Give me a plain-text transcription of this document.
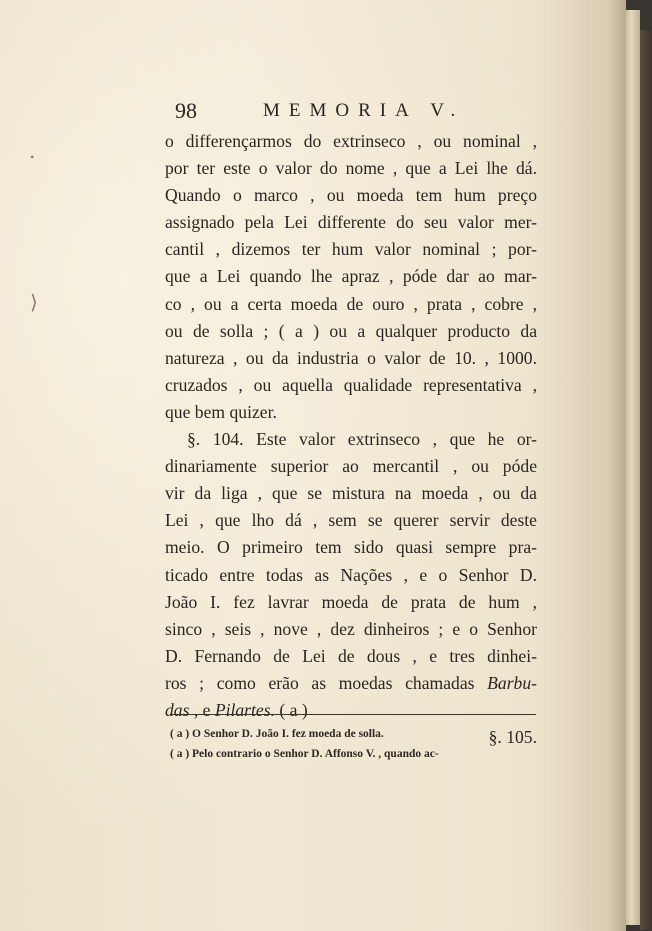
⟩
•
98	MEMORIA V.
o differençarmos do extrinseco , ou nominal ,
por ter este o valor do nome , que a Lei lhe dá.
Quando o marco , ou moeda tem hum preço
assignado pela Lei differente do seu valor mer-
cantil , dizemos ter hum valor nominal ; por-
que a Lei quando lhe apraz , póde dar ao mar-
co , ou a certa moeda de ouro , prata , cobre ,
ou de solla ; ( a ) ou a qualquer producto da
natureza , ou da industria o valor de 10. , 1000.
cruzados , ou aquella qualidade representativa ,
que bem quizer.
§. 104. Este valor extrinseco , que he or-
dinariamente superior ao mercantil , ou póde
vir da liga , que se mistura na moeda , ou da
Lei , que lho dá , sem se querer servir deste
meio. O primeiro tem sido quasi sempre pra-
ticado entre todas as Nações , e o Senhor D.
João I. fez lavrar moeda de prata de hum ,
sinco , seis , nove , dez dinheiros ; e o Senhor
D. Fernando de Lei de dous , e tres dinhei-
ros ; como erão as moedas chamadas Barbu-
das , e Pilartes. ( a )
§. 105.
( a ) O Senhor D. João I. fez moeda de solla.
( a ) Pelo contrario o Senhor D. Affonso V. , quando ac-
